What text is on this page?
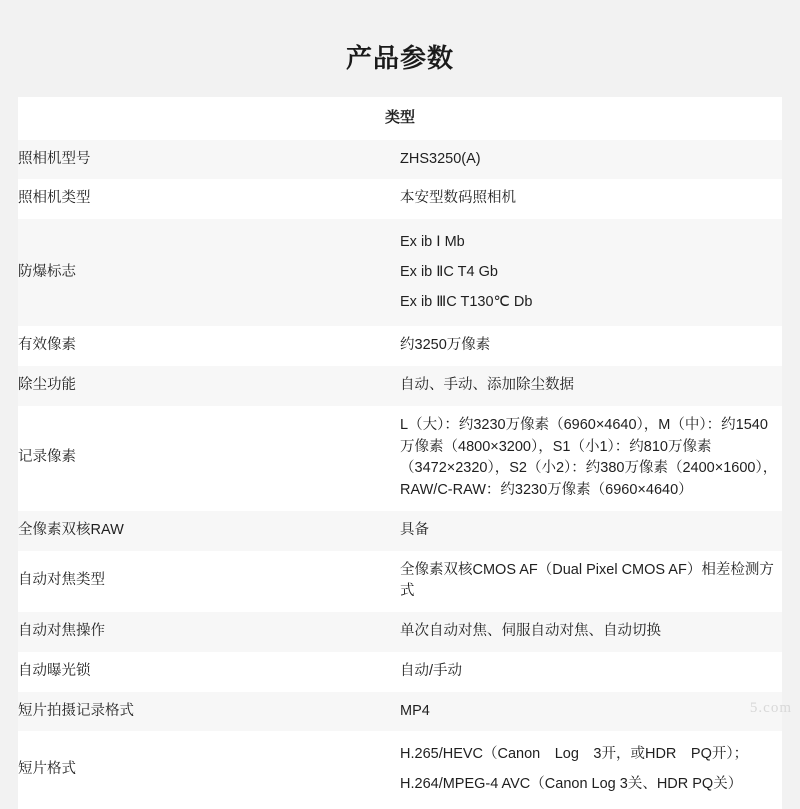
产品参数
类型	
照相机型号	ZHS3250(A)
照相机类型	本安型数码照相机
防爆标志	Ex ib Ⅰ Mb
Ex ib ⅡC T4 Gb
Ex ib ⅢC T130℃ Db

有效像素	约3250万像素
除尘功能	自动、手动、添加除尘数据
记录像素	L（大）：约3230万像素（6960×4640），M（中）：约1540万像素（4800×3200），S1（小1）：约810万像素（3472×2320），S2（小2）：约380万像素（2400×1600），RAW/C-RAW：约3230万像素（6960×4640）
全像素双核RAW	具备
自动对焦类型	全像素双核CMOS AF（Dual Pixel CMOS AF）相差检测方式
自动对焦操作	单次自动对焦、伺服自动对焦、自动切换
自动曝光锁	自动/手动
短片拍摄记录格式	MP4
短片格式	H.265/HEVC（Canon　Log　3开，或HDR　PQ开）；
H.264/MPEG-4 AVC（Canon Log 3关、HDR PQ关）
5.com
